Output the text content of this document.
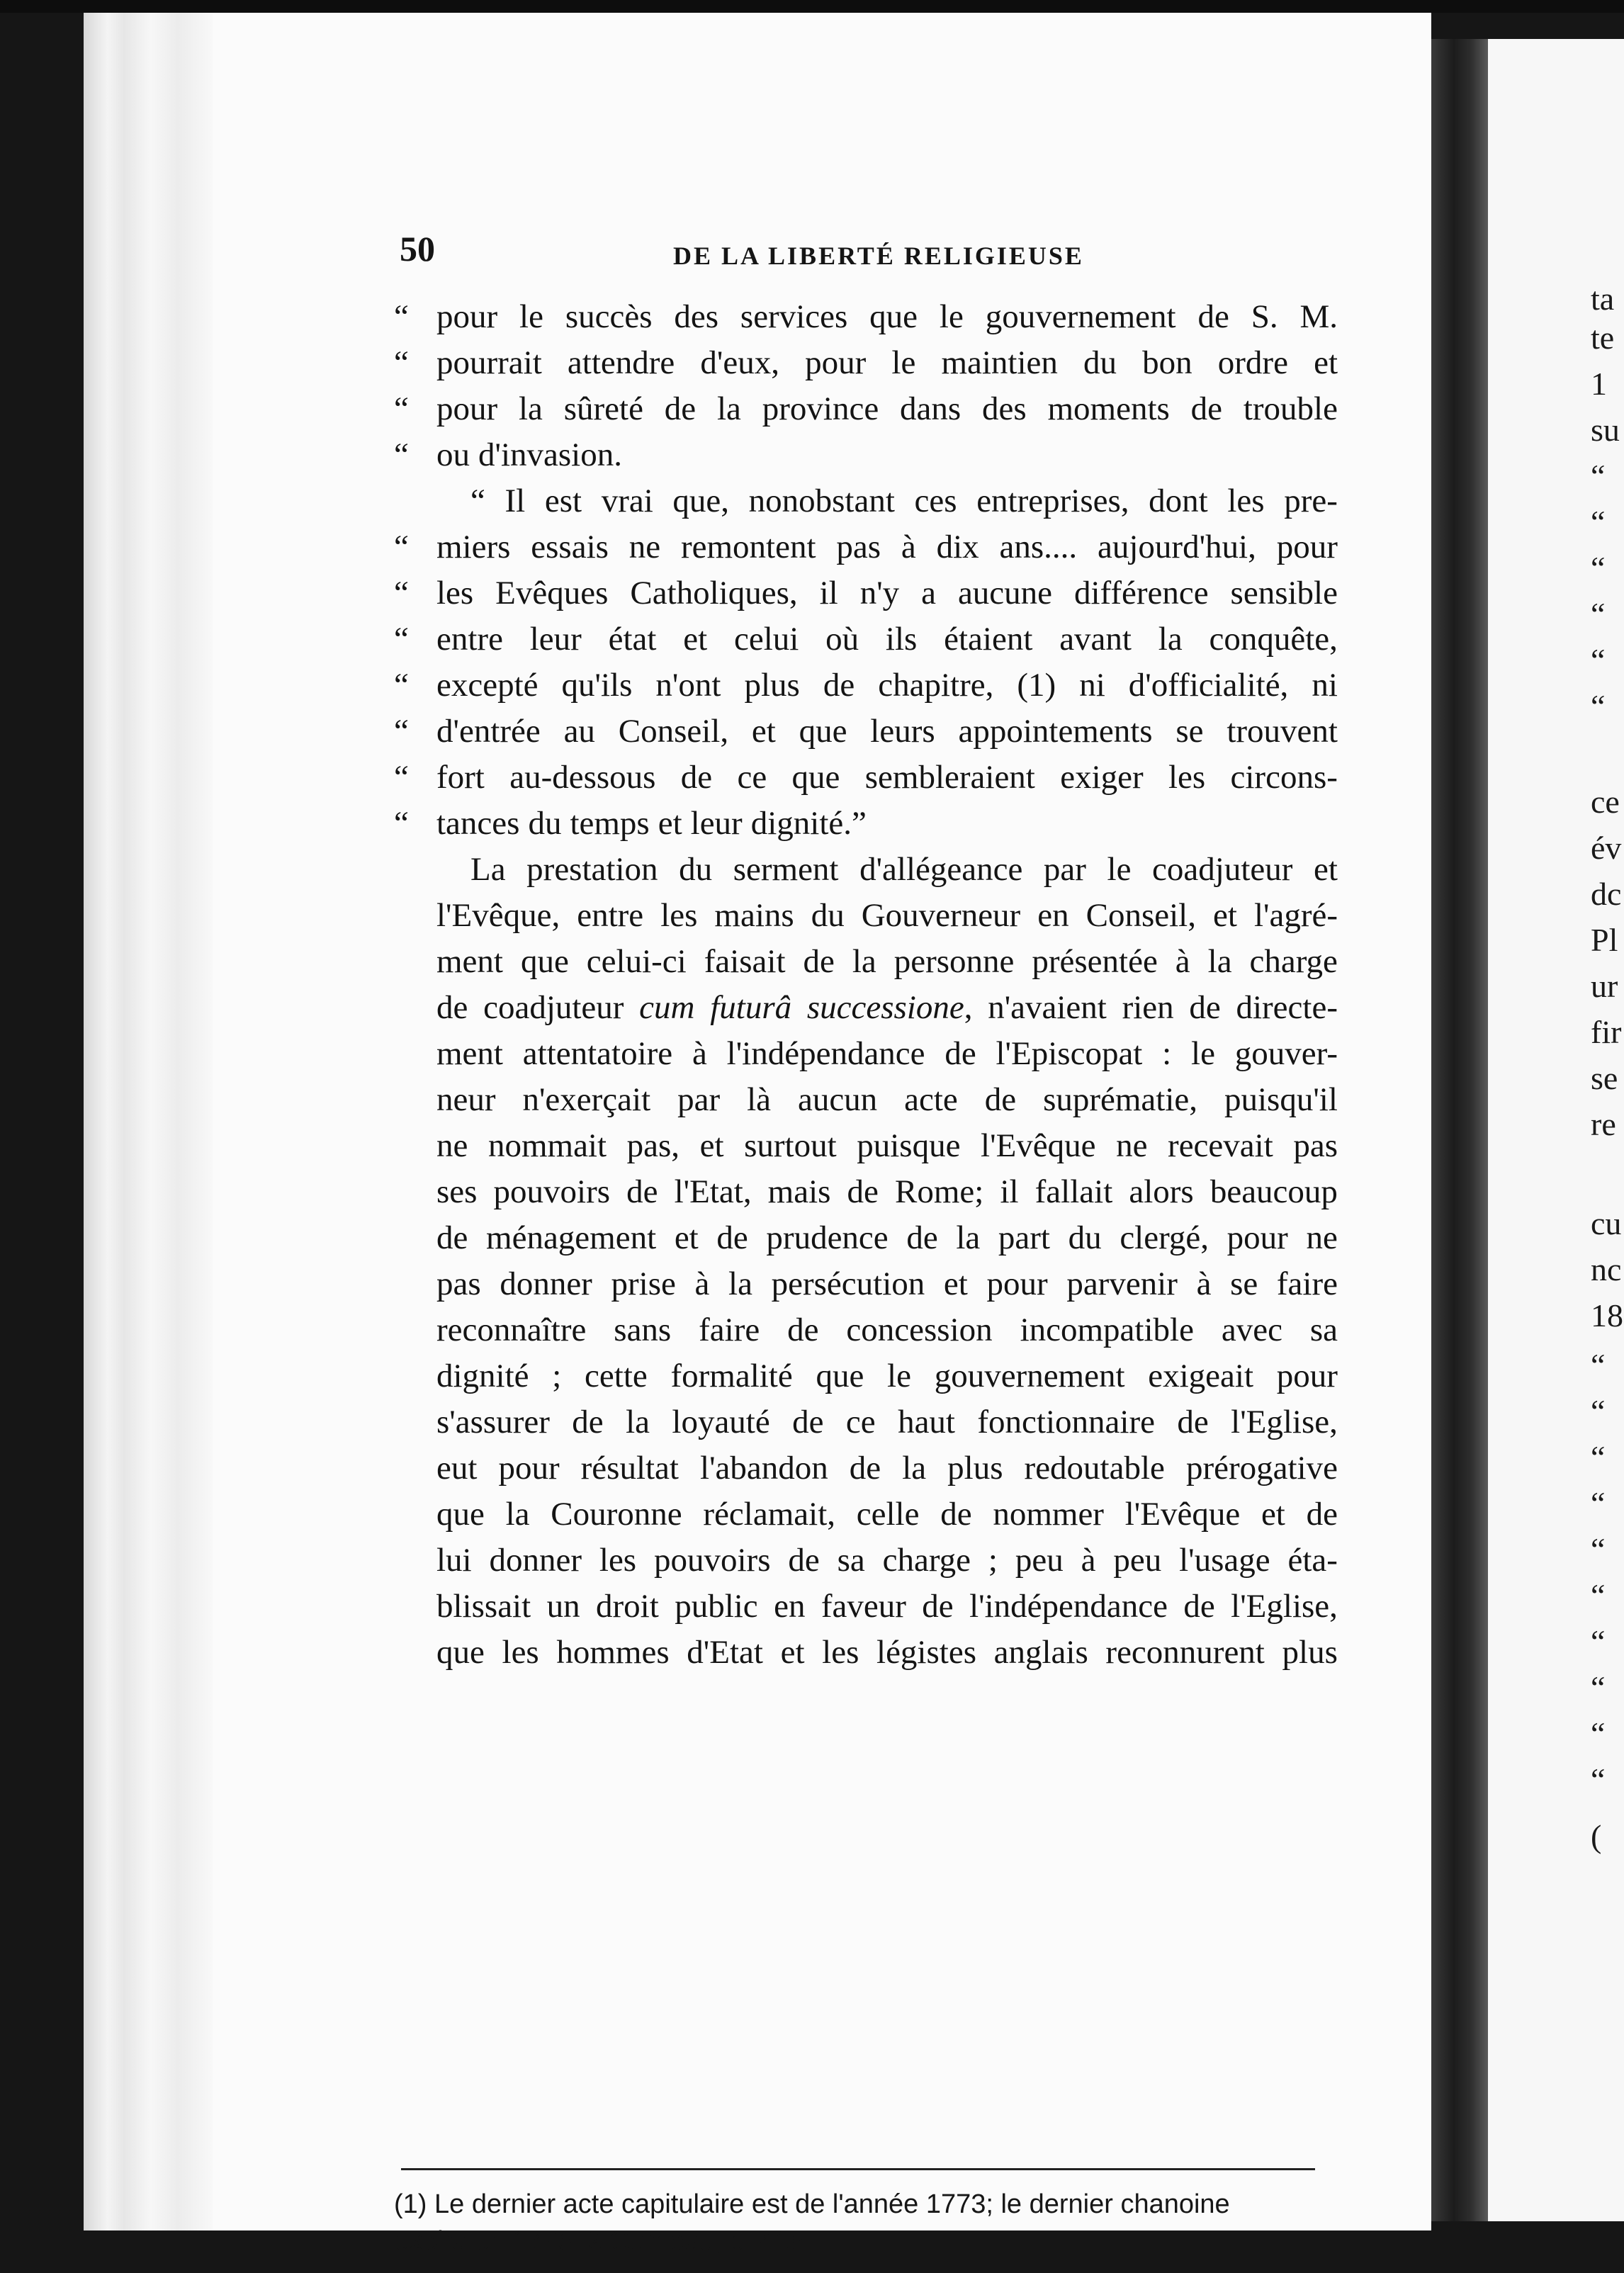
ta
te
1
su
“
“
“
“
“
“
ce
év
dc
Pl
ur
fir
se
re
cu
nc
18
“
“
“
“
“
“
“
“
“
“
(
50	DE LA LIBERTÉ RELIGIEUSE
“ pour le succès des services que le gouvernement de S. M.
“ pourrait attendre d'eux, pour le maintien du bon ordre et
“ pour la sûreté de la province dans des moments de trouble
“ ou d'invasion.
“ Il est vrai que, nonobstant ces entreprises, dont les pre-
“ miers essais ne remontent pas à dix ans.... aujourd'hui, pour
“ les Evêques Catholiques, il n'y a aucune différence sensible
“ entre leur état et celui où ils étaient avant la conquête,
“ excepté qu'ils n'ont plus de chapitre, (1) ni d'officialité, ni
“ d'entrée au Conseil, et que leurs appointements se trouvent
“ fort au-dessous de ce que sembleraient exiger les circons-
“ tances du temps et leur dignité.”
La prestation du serment d'allégeance par le coadjuteur et
l'Evêque, entre les mains du Gouverneur en Conseil, et l'agré-
ment que celui-ci faisait de la personne présentée à la charge
de coadjuteur cum futurâ successione, n'avaient rien de directe-
ment attentatoire à l'indépendance de l'Episcopat : le gouver-
neur n'exerçait par là aucun acte de suprématie, puisqu'il
ne nommait pas, et surtout puisque l'Evêque ne recevait pas
ses pouvoirs de l'Etat, mais de Rome; il fallait alors beaucoup
de ménagement et de prudence de la part du clergé, pour ne
pas donner prise à la persécution et pour parvenir à se faire
reconnaître sans faire de concession incompatible avec sa
dignité ; cette formalité que le gouvernement exigeait pour
s'assurer de la loyauté de ce haut fonctionnaire de l'Eglise,
eut pour résultat l'abandon de la plus redoutable prérogative
que la Couronne réclamait, celle de nommer l'Evêque et de
lui donner les pouvoirs de sa charge ; peu à peu l'usage éta-
blissait un droit public en faveur de l'indépendance de l'Eglise,
que les hommes d'Etat et les légistes anglais reconnurent plus
(1) Le dernier acte capitulaire est de l'année 1773; le dernier chanoine
expira en 1776: 2 Garneau, p. 416.
